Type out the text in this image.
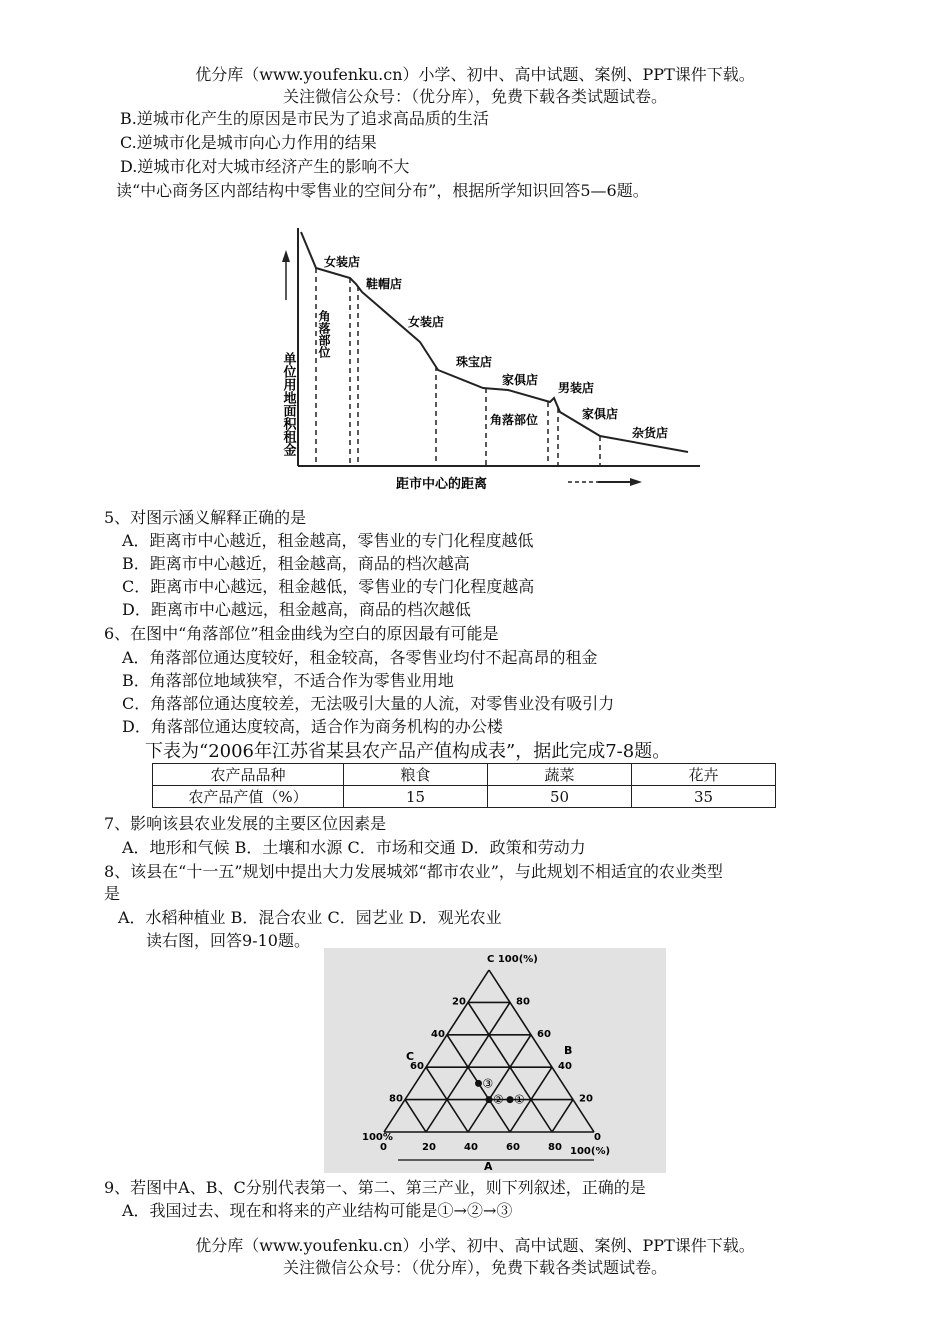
优分库（www.youfenku.cn）小学、初中、高中试题、案例、PPT课件下载。
关注微信公众号：（优分库），免费下载各类试题试卷。
B.逆城市化产生的原因是市民为了追求高品质的生活
C.逆城市化是城市向心力作用的结果
D.逆城市化对大城市经济产生的影响不大
读“中心商务区内部结构中零售业的空间分布”，根据所学知识回答5—6题。
单位用地面积租金
女装店
鞋帽店
角落部位	女装店
珠宝店
家俱店
角落部位
男装店
家俱店
杂货店
距市中心的距离
5、对图示涵义解释正确的是
A．距离市中心越近，租金越高，零售业的专门化程度越低
B．距离市中心越近，租金越高，商品的档次越高
C．距离市中心越远，租金越低，零售业的专门化程度越高
D．距离市中心越远，租金越高，商品的档次越低
6、在图中“角落部位”租金曲线为空白的原因最有可能是
A．角落部位通达度较好，租金较高，各零售业均付不起高昂的租金
B．角落部位地域狭窄，不适合作为零售业用地
C．角落部位通达度较差，无法吸引大量的人流，对零售业没有吸引力
D．角落部位通达度较高，适合作为商务机构的办公楼
下表为“2006年江苏省某县农产品产值构成表”，据此完成7-8题。
农产品品种	粮食	蔬菜	花卉
农产品产值（%）	15	50	35
7、影响该县农业发展的主要区位因素是
A．地形和气候 B．土壤和水源 C．市场和交通 D．政策和劳动力
8、该县在“十一五”规划中提出大力发展城郊“都市农业”，与此规划不相适宜的农业类型
是
A．水稻种植业 B．混合农业 C．园艺业 D．观光农业
读右图，回答9-10题。
0	20	40	60	80
20
40
60
80
80
60
40
20
①
②
③
C 100(%)
C	B
A
100%	0
100(%)
9、若图中A、B、C分别代表第一、第二、第三产业，则下列叙述，正确的是
A．我国过去、现在和将来的产业结构可能是①→②→③
优分库（www.youfenku.cn）小学、初中、高中试题、案例、PPT课件下载。
关注微信公众号：（优分库），免费下载各类试题试卷。
